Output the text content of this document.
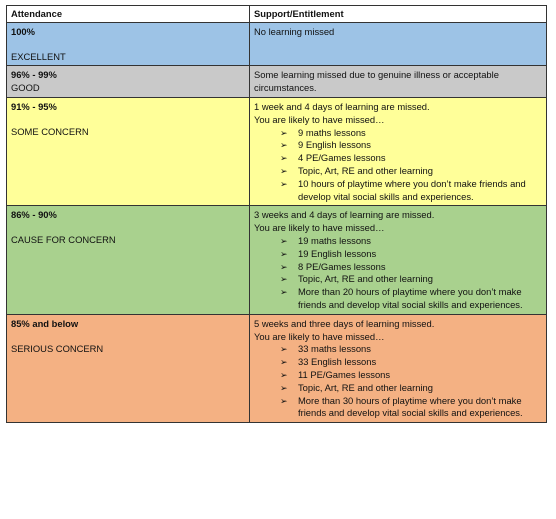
Attendance	Support/Entitlement
100%
EXCELLENT
No learning missed
96% - 99%
GOOD
Some learning missed due to genuine illness or acceptable circumstances.
91% - 95%
SOME CONCERN
1 week and 4 days of learning are missed.
You are likely to have missed…
➢ 9 maths lessons
➢ 9 English lessons
➢ 4 PE/Games lessons
➢ Topic, Art, RE and other learning
➢ 10 hours of playtime where you don’t make friends and develop vital social skills and experiences.
86% - 90%
CAUSE FOR CONCERN
3 weeks and 4 days of learning are missed.
You are likely to have missed…
➢ 19 maths lessons
➢ 19 English lessons
➢ 8 PE/Games lessons
➢ Topic, Art, RE and other learning
➢ More than 20 hours of playtime where you don’t make friends and develop vital social skills and experiences.
85% and below
SERIOUS CONCERN
5 weeks and three days of learning missed.
You are likely to have missed…
➢ 33 maths lessons
➢ 33 English lessons
➢ 11 PE/Games lessons
➢ Topic, Art, RE and other learning
➢ More than 30 hours of playtime where you don’t make friends and develop vital social skills and experiences.
